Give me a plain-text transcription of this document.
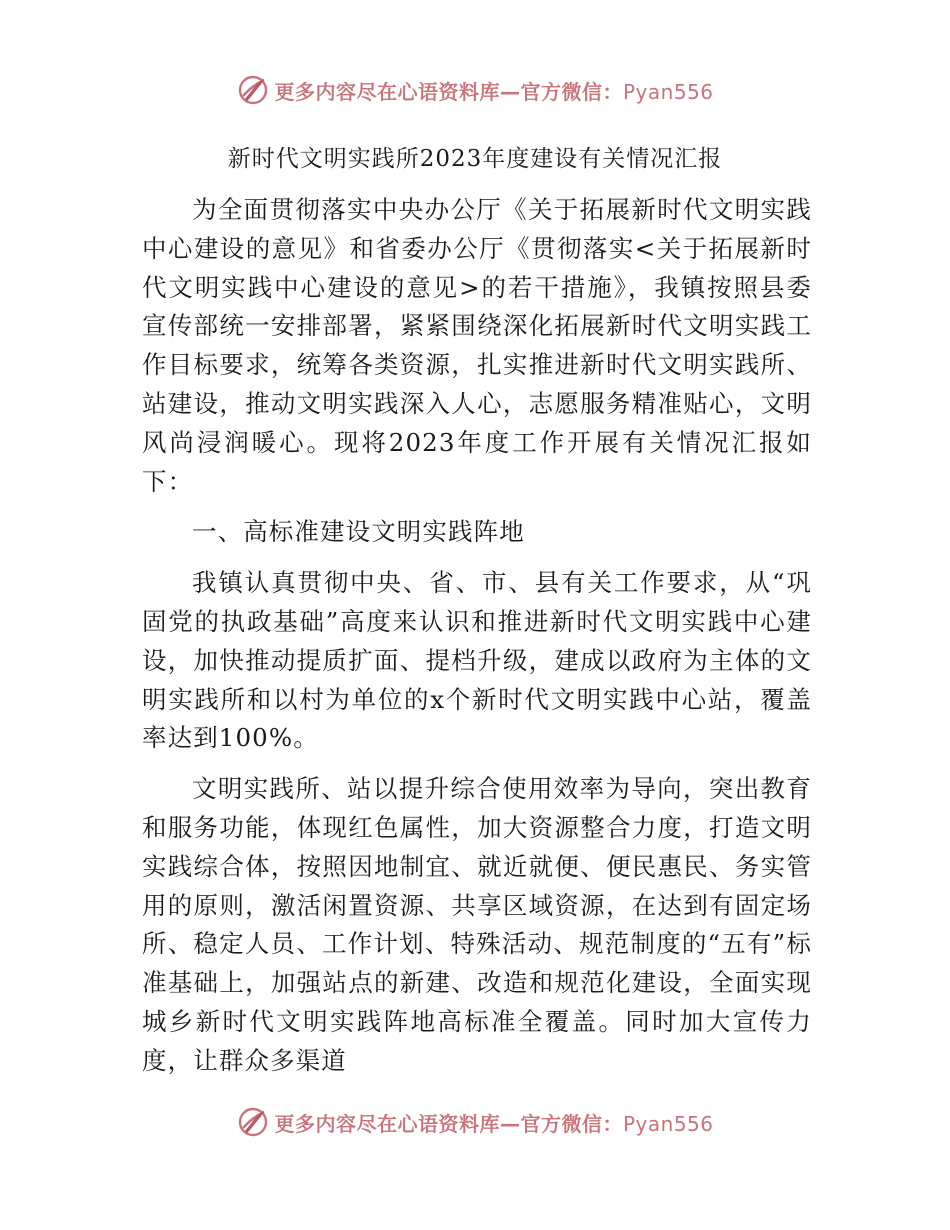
更多内容尽在心语资料库—官方微信：Pyan556
新时代文明实践所2023年度建设有关情况汇报

为全面贯彻落实中央办公厅《关于拓展新时代文明实践中心建设的意见》和省委办公厅《贯彻落实<关于拓展新时代文明实践中心建设的意见>的若干措施》，我镇按照县委宣传部统一安排部署，紧紧围绕深化拓展新时代文明实践工作目标要求，统筹各类资源，扎实推进新时代文明实践所、站建设，推动文明实践深入人心，志愿服务精准贴心，文明风尚浸润暖心。现将2023年度工作开展有关情况汇报如下：

一、高标准建设文明实践阵地

我镇认真贯彻中央、省、市、县有关工作要求，从“巩固党的执政基础”高度来认识和推进新时代文明实践中心建设，加快推动提质扩面、提档升级，建成以政府为主体的文明实践所和以村为单位的x个新时代文明实践中心站，覆盖率达到100%。

文明实践所、站以提升综合使用效率为导向，突出教育和服务功能，体现红色属性，加大资源整合力度，打造文明实践综合体，按照因地制宜、就近就便、便民惠民、务实管用的原则，激活闲置资源、共享区域资源，在达到有固定场所、稳定人员、工作计划、特殊活动、规范制度的“五有”标准基础上，加强站点的新建、改造和规范化建设，全面实现城乡新时代文明实践阵地高标准全覆盖。同时加大宣传力度，让群众多渠道

更多内容尽在心语资料库—官方微信：Pyan556
